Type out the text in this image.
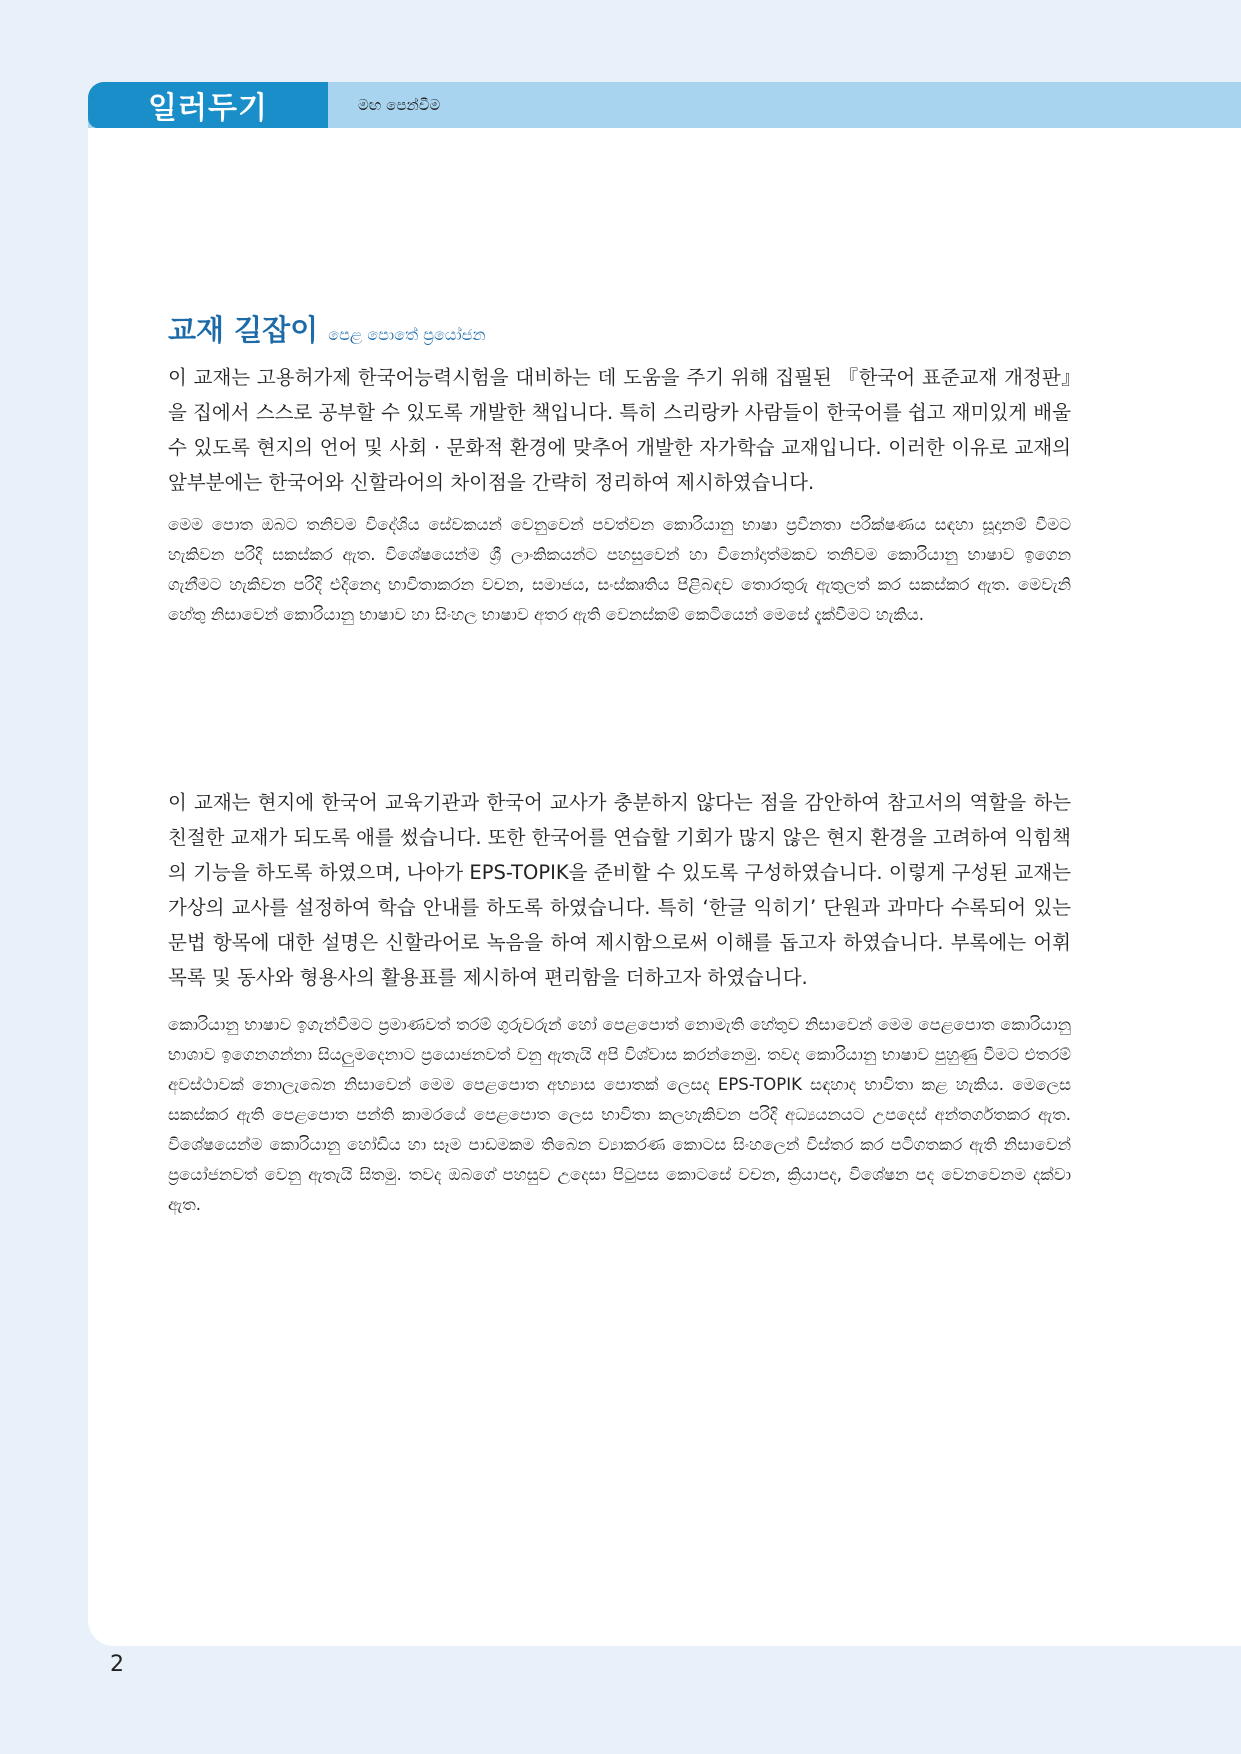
일러두기	මඟ පෙන්වීම
교재 길잡이 පෙළ පොතේ ප්‍රයෝජන

이 교재는 고용허가제 한국어능력시험을 대비하는 데 도움을 주기 위해 집필된 『한국어 표준교재 개정판』을 집에서 스스로 공부할 수 있도록 개발한 책입니다. 특히 스리랑카 사람들이 한국어를 쉽고 재미있게 배울 수 있도록 현지의 언어 및 사회 · 문화적 환경에 맞추어 개발한 자가학습 교재입니다. 이러한 이유로 교재의 앞부분에는 한국어와 신할라어의 차이점을 간략히 정리하여 제시하였습니다.

මෙම පොත ඔබට තනිවම විදේශිය සේවකයන් වෙනුවෙන් පවත්වන කොරියානු භාෂා ප්‍රවීනතා පරික්ෂණය සඳහා සූදානම් වීමට හැකිවන පරිදි සකස්කර ඇත. විශේෂයෙන්ම ශ්‍රී ලාංකිකයන්ට පහසුවෙන් හා විනෝදාත්මකව තනිවම කොරියානු භාෂාව ඉගෙන ගැනීමට හැකිවන පරිදි එදිනෙදා භාවිතාකරන වචන, සමාජය, සංස්කෘතිය පිළිබඳව තොරතුරු ඇතුලත් කර සකස්කර ඇත. මෙවැනි හේතු නිසාවෙන් කොරියානු භාෂාව හා සිංහල භාෂාව අතර ඇති වෙනස්කම් කෙටියෙන් මෙසේ දැක්වීමට හැකිය.

이 교재는 현지에 한국어 교육기관과 한국어 교사가 충분하지 않다는 점을 감안하여 참고서의 역할을 하는 친절한 교재가 되도록 애를 썼습니다. 또한 한국어를 연습할 기회가 많지 않은 현지 환경을 고려하여 익힘책의 기능을 하도록 하였으며, 나아가 EPS-TOPIK을 준비할 수 있도록 구성하였습니다. 이렇게 구성된 교재는 가상의 교사를 설정하여 학습 안내를 하도록 하였습니다. 특히 ‘한글 익히기’ 단원과 과마다 수록되어 있는 문법 항목에 대한 설명은 신할라어로 녹음을 하여 제시함으로써 이해를 돕고자 하였습니다. 부록에는 어휘 목록 및 동사와 형용사의 활용표를 제시하여 편리함을 더하고자 하였습니다.

කොරියානු භාෂාව ඉගැන්වීමට ප්‍රමාණවත් තරම් ගුරුවරුන් හෝ පෙළපොත් නොමැති හේතුව නිසාවෙන් මෙම පෙළපොත කොරියානු භාශාව ඉගෙනගන්නා සියලුමදෙනාට ප්‍රයොජනවත් වනු ඇතැයි අපි විශ්වාස කරන්නෙමු. තවද කොරියානු භාෂාව පුහුණු වීමට එතරම් අවස්ථාවක් නොලැබෙන නිසාවෙන් මෙම පෙළපොත අභ්‍යාස පොතක් ලෙසද EPS-TOPIK සඳහාද භාවිතා කළ හැකිය. මෙලෙස සකස්කර ඇති පෙළපොත පන්ති කාමරයේ පෙළපොත ලෙස භාවිතා කලහැකිවන පරිදි අධ්‍යයනයට උපදෙස් අන්තර්ගතකර ඇත. විශේෂයෙන්ම කොරියානු හෝඩිය හා සෑම පාඩමකම තිබෙන ව්‍යාකරණ කොටස සිංහලෙන් විස්තර කර පටිගතකර ඇති නිසාවෙන් ප්‍රයෝජනවත් වෙනු ඇතැයි සිතමු. තවද ඔබගේ පහසුව උදෙසා පිටුපස කොටසේ වචන, ක්‍රියාපද, විශේෂන පද වෙනවෙනම දක්වා ඇත.

2
